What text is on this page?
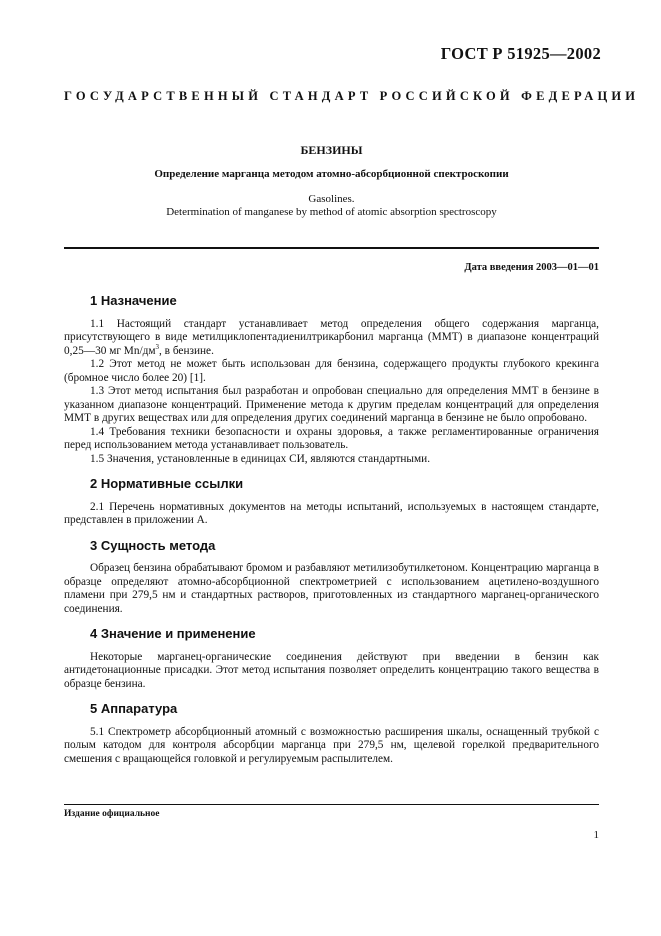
ГОСТ Р 51925—2002
ГОСУДАРСТВЕННЫЙ СТАНДАРТ РОССИЙСКОЙ ФЕДЕРАЦИИ
БЕНЗИНЫ
Определение марганца методом атомно-абсорбционной спектроскопии
Gasolines.
Determination of manganese by method of atomic absorption spectroscopy
Дата введения 2003—01—01
1 Назначение

1.1 Настоящий стандарт устанавливает метод определения общего содержания марганца, присутствующего в виде метилциклопентадиенилтрикарбонил марганца (ММТ) в диапазоне концентраций 0,25—30 мг $Mn/дм^3$, в бензине.

1.2 Этот метод не может быть использован для бензина, содержащего продукты глубокого крекинга (бромное число более 20) [1].

1.3 Этот метод испытания был разработан и опробован специально для определения ММТ в бензине в указанном диапазоне концентраций. Применение метода к другим пределам концентраций для определения ММТ в других веществах или для определения других соединений марганца в бензине не было опробовано.

1.4 Требования техники безопасности и охраны здоровья, а также регламентированные ограничения перед использованием метода устанавливает пользователь.

1.5 Значения, установленные в единицах СИ, являются стандартными.

2 Нормативные ссылки

2.1 Перечень нормативных документов на методы испытаний, используемых в настоящем стандарте, представлен в приложении А.

3 Сущность метода

Образец бензина обрабатывают бромом и разбавляют метилизобутилкетоном. Концентрацию марганца в образце определяют атомно-абсорбционной спектрометрией с использованием ацетилено-воздушного пламени при 279,5 нм и стандартных растворов, приготовленных из стандартного марганец-органического соединения.

4 Значение и применение

Некоторые марганец-органические соединения действуют при введении в бензин как антидетонационные присадки. Этот метод испытания позволяет определить концентрацию такого вещества в образце бензина.

5 Аппаратура

5.1 Спектрометр абсорбционный атомный с возможностью расширения шкалы, оснащенный трубкой с полым катодом для контроля абсорбции марганца при 279,5 нм, щелевой горелкой предварительного смешения с вращающейся головкой и регулируемым распылителем.

Издание официальное
1
